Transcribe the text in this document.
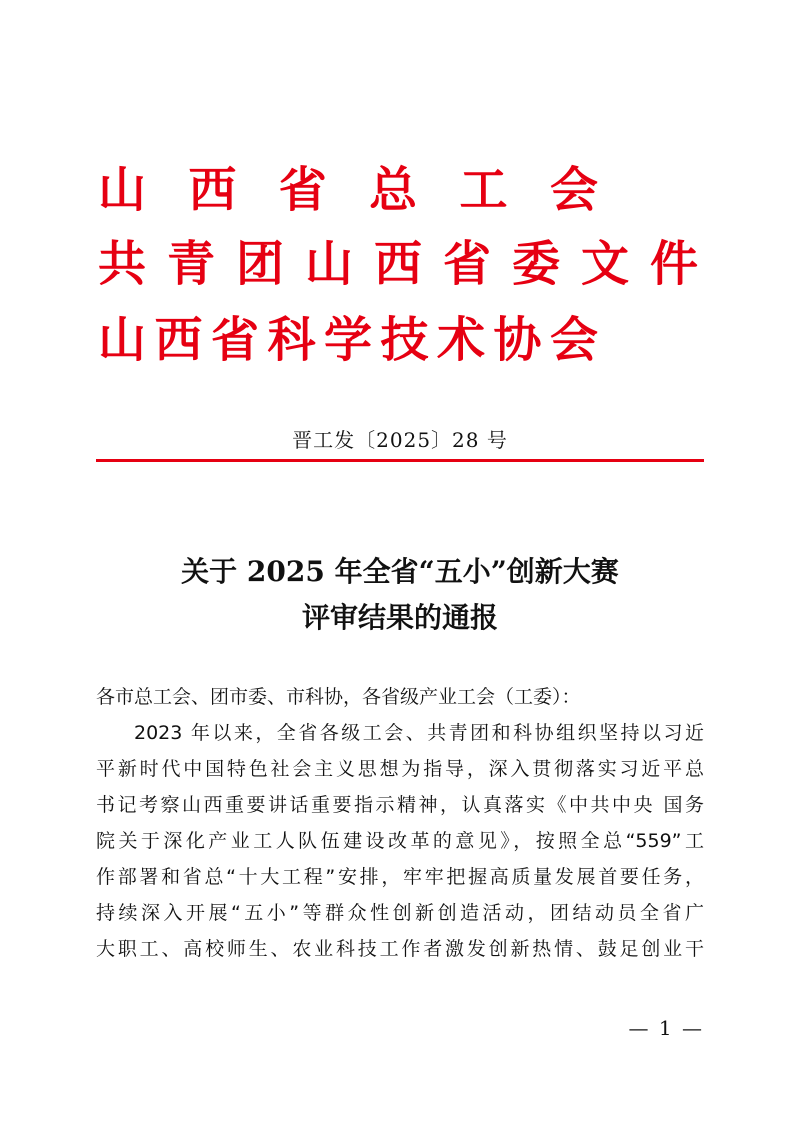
山 西 省 总 工 会
共 青 团 山 西 省 委 文 件
山 西 省 科 学 技 术 协 会
晋工发〔2025〕28 号
关于 2025 年全省“五小”创新大赛
评审结果的通报

各市总工会、团市委、市科协，各省级产业工会（工委）：

2023 年以来，全省各级工会、共青团和科协组织坚持以习近

平新时代中国特色社会主义思想为指导，深入贯彻落实习近平总

书记考察山西重要讲话重要指示精神，认真落实《中共中央 国务

院关于深化产业工人队伍建设改革的意见》，按照全总“559”工

作部署和省总“十大工程”安排，牢牢把握高质量发展首要任务，

持续深入开展“五小”等群众性创新创造活动，团结动员全省广

大职工、高校师生、农业科技工作者激发创新热情、鼓足创业干

— 1 —
